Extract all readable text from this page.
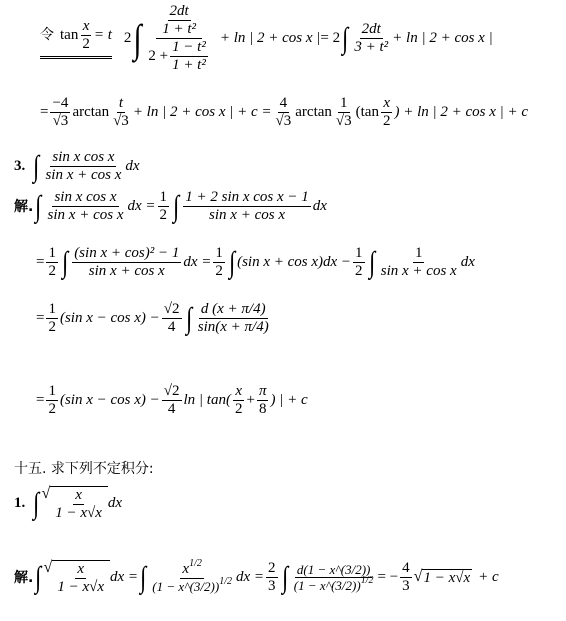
令 $\tan \frac{x}{2} = t$ 2 ∫ $\frac{2dt}{\text{1 + t²}}$
$2 + \frac{\text{1 − t²}}{\text{1 + t²}}$
+ ln | 2 + cos x | = 2 ∫ $\frac{2dt}{\text{3 + t²}} + \ln$ | 2 + cos x |
= $\frac{-4}{√3}$ $\arctan \frac{t}{√3} + \ln$ | 2 + cos x | + $c = \frac{4}{√3}$ $\arctan \frac{1}{√3} (\tan \frac{x}{2}$ ) + ln | 2 + cos x | + c
3. ∫ $\frac{\text{sin x cos x}}{\text{sin x + cos x}}$ dx
解. ∫ $\frac{\text{sin x cos x}}{\text{sin x + cos x}}$ dx = $\frac{1}{2}$ ∫ $\frac{\text{1 + 2 sin x cos x − 1}}{\text{sin x + cos x}}$ dx
= $\frac{1}{2}$ ∫ $\frac{\text{(sin x + cos)² − 1}}{\text{sin x + cos x}}$ dx = $\frac{1}{2}$ ∫ (sin $x + \cos x)dx - \frac{1}{2}$ ∫ $\frac{1}{\text{sin x + cos x}}$ dx
= $\frac{1}{2} (\sin$ $x - \cos x) - \frac{√2}{4}$ ∫ $\frac{d (x + \pi/4)}{\sin(x + \pi/4)}$
= $\frac{1}{2} (\sin$ $x - \cos x) - \frac{√2}{4}$ ln | $\tan( \frac{x}{2} + \frac{\pi}{8}$ ) | + c
十五. 求下列不定积分:
1. ∫ √ $\frac{x}{1 - x√x}$ dx
解. ∫ √ $\frac{x}{1 - x√x}$ dx = ∫ $x^{1/2}$
(1 − x^(3/2))$^{1/2}$ dx = $\frac{2}{3}$ ∫ $\frac{d(1 - x\^{}(3/2))}{(1 - x\^{}(3/2))^{1/2}}$ = − $\frac{4}{3}$ √ 1 − x√x + c
